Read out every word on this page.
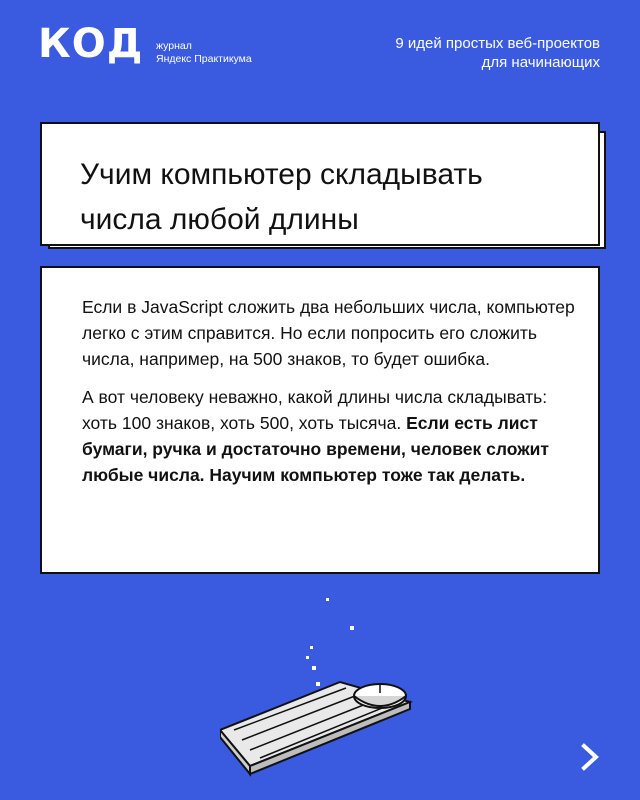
КОД журнал
Яндекс Практикума
9 идей простых веб-проектов
для начинающих
Учим компьютер складывать
числа любой длины

Если в JavaScript сложить два небольших числа, компьютер легко с этим справится. Но если попросить его сложить числа, например, на 500 знаков, то будет ошибка.

А вот человеку неважно, какой длины числа складывать: хоть 100 знаков, хоть 500, хоть тысяча. Если есть лист бумаги, ручка и достаточно времени, человек сложит любые числа. Научим компьютер тоже так делать.
